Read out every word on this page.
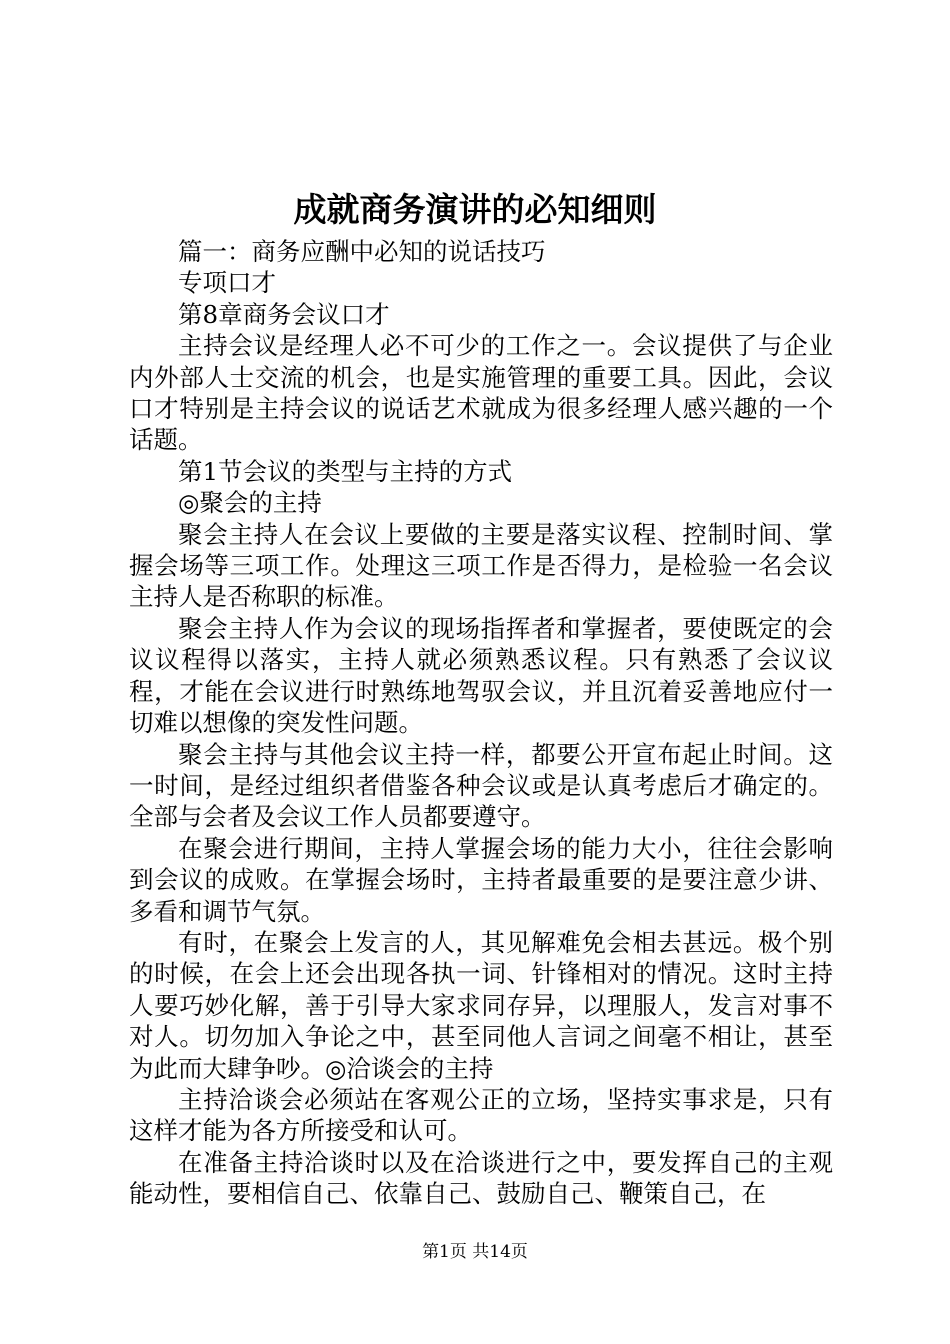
成就商务演讲的必知细则

篇一：商务应酬中必知的说话技巧

专项口才

第8章商务会议口才

主持会议是经理人必不可少的工作之一。会议提供了与企业内外部人士交流的机会，也是实施管理的重要工具。因此，会议口才特别是主持会议的说话艺术就成为很多经理人感兴趣的一个话题。

第1节会议的类型与主持的方式

◎聚会的主持

聚会主持人在会议上要做的主要是落实议程、控制时间、掌握会场等三项工作。处理这三项工作是否得力，是检验一名会议主持人是否称职的标准。

聚会主持人作为会议的现场指挥者和掌握者，要使既定的会议议程得以落实，主持人就必须熟悉议程。只有熟悉了会议议程，才能在会议进行时熟练地驾驭会议，并且沉着妥善地应付一切难以想像的突发性问题。

聚会主持与其他会议主持一样，都要公开宣布起止时间。这一时间，是经过组织者借鉴各种会议或是认真考虑后才确定的。全部与会者及会议工作人员都要遵守。

在聚会进行期间，主持人掌握会场的能力大小，往往会影响到会议的成败。在掌握会场时，主持者最重要的是要注意少讲、多看和调节气氛。

有时，在聚会上发言的人，其见解难免会相去甚远。极个别的时候，在会上还会出现各执一词、针锋相对的情况。这时主持人要巧妙化解，善于引导大家求同存异，以理服人，发言对事不对人。切勿加入争论之中，甚至同他人言词之间毫不相让，甚至为此而大肆争吵。◎洽谈会的主持

主持洽谈会必须站在客观公正的立场，坚持实事求是，只有这样才能为各方所接受和认可。

在准备主持洽谈时以及在洽谈进行之中，要发挥自己的主观能动性，要相信自己、依靠自己、鼓励自己、鞭策自己，在

第1页 共14页
